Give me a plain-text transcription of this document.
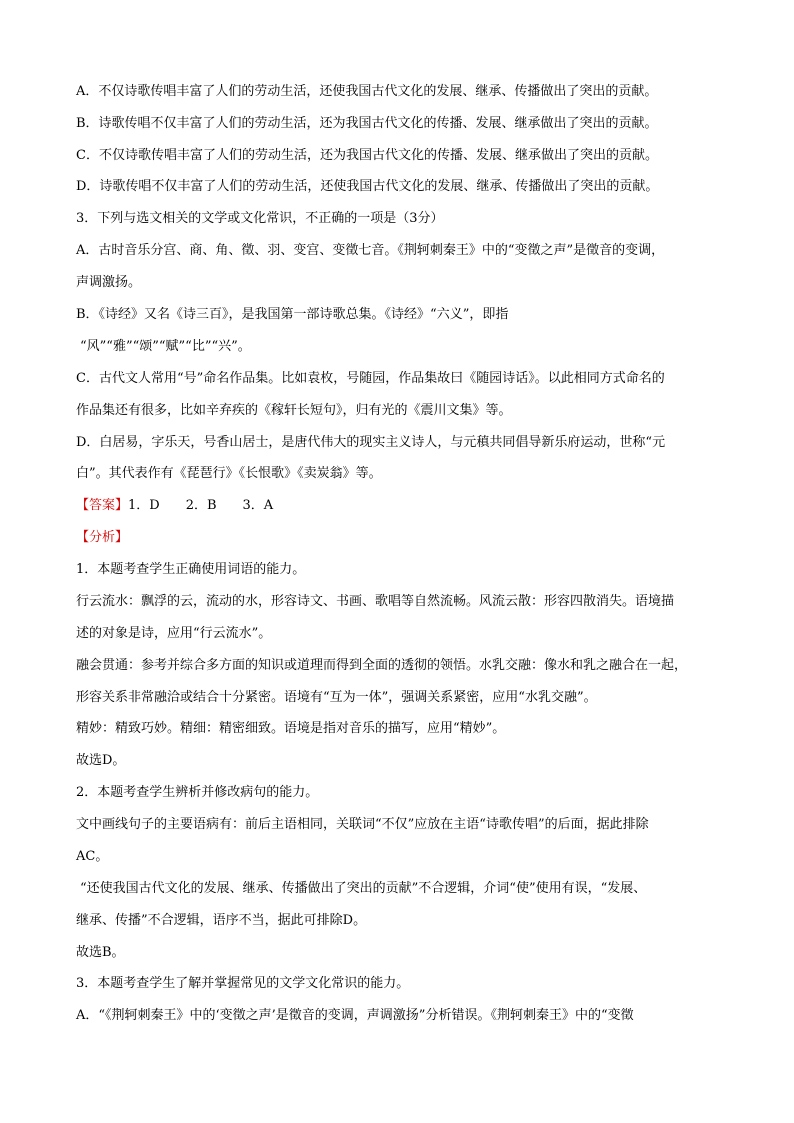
A．不仅诗歌传唱丰富了人们的劳动生活，还使我国古代文化的发展、继承、传播做出了突出的贡献。
B．诗歌传唱不仅丰富了人们的劳动生活，还为我国古代文化的传播、发展、继承做出了突出的贡献。
C．不仅诗歌传唱丰富了人们的劳动生活，还为我国古代文化的传播、发展、继承做出了突出的贡献。
D．诗歌传唱不仅丰富了人们的劳动生活，还使我国古代文化的发展、继承、传播做出了突出的贡献。
3．下列与选文相关的文学或文化常识，不正确的一项是（3分）
A．古时音乐分宫、商、角、徵、羽、变宫、变徵七音。《荆轲刺秦王》中的“变徵之声”是徵音的变调，
声调激扬。
B．《诗经》又名《诗三百》，是我国第一部诗歌总集。《诗经》“六义”，即指
“风”“雅”“颂”“赋”“比”“兴”。
C．古代文人常用“号”命名作品集。比如袁枚，号随园，作品集故曰《随园诗话》。以此相同方式命名的
作品集还有很多，比如辛弃疾的《稼轩长短句》，归有光的《震川文集》等。
D．白居易，字乐天，号香山居士，是唐代伟大的现实主义诗人，与元稹共同倡导新乐府运动，世称“元
白”。其代表作有《琵琶行》《长恨歌》《卖炭翁》等。
【答案】1．D　　2．B　　3．A
【分析】
1．本题考查学生正确使用词语的能力。
行云流水：飘浮的云，流动的水，形容诗文、书画、歌唱等自然流畅。风流云散：形容四散消失。语境描
述的对象是诗，应用“行云流水”。
融会贯通：参考并综合多方面的知识或道理而得到全面的透彻的领悟。水乳交融：像水和乳之融合在一起，
形容关系非常融洽或结合十分紧密。语境有“互为一体”，强调关系紧密，应用“水乳交融”。
精妙：精致巧妙。精细：精密细致。语境是指对音乐的描写，应用“精妙”。
故选D。
2．本题考查学生辨析并修改病句的能力。
文中画线句子的主要语病有：前后主语相同，关联词“不仅”应放在主语“诗歌传唱”的后面，据此排除
AC。
“还使我国古代文化的发展、继承、传播做出了突出的贡献”不合逻辑，介词“使”使用有误，“发展、
继承、传播”不合逻辑，语序不当，据此可排除D。
故选B。
3．本题考查学生了解并掌握常见的文学文化常识的能力。
A．“《荆轲刺秦王》中的‘变徵之声’是徵音的变调，声调激扬”分析错误。《荆轲刺秦王》中的“变徵
